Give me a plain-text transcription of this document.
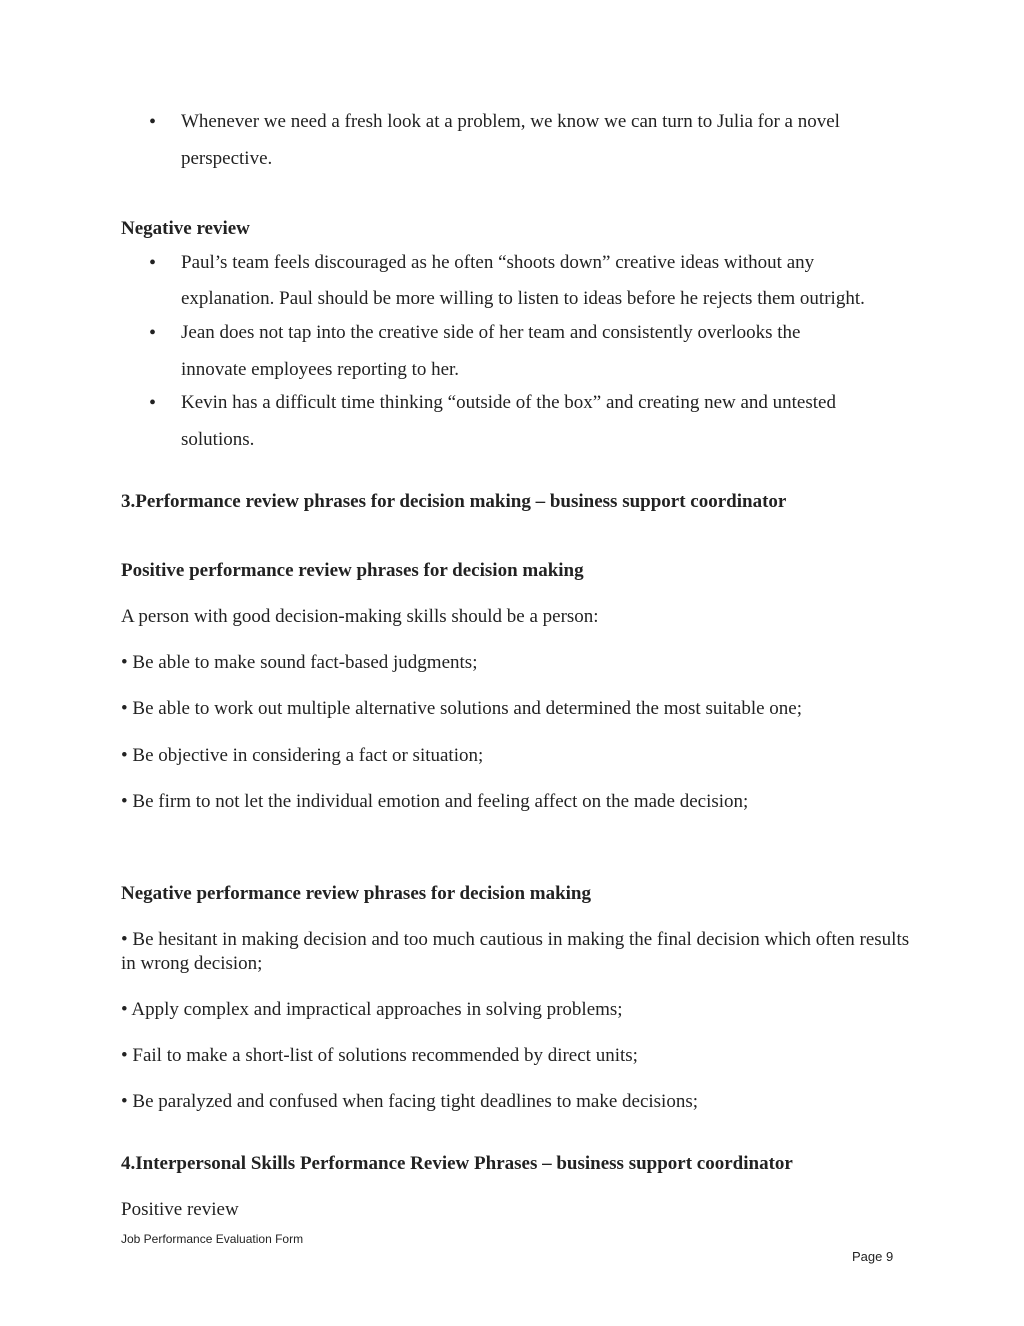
• Whenever we need a fresh look at a problem, we know we can turn to Julia for a novel
perspective.
Negative review
• Paul’s team feels discouraged as he often “shoots down” creative ideas without any
explanation. Paul should be more willing to listen to ideas before he rejects them outright.
• Jean does not tap into the creative side of her team and consistently overlooks the
innovate employees reporting to her.
• Kevin has a difficult time thinking “outside of the box” and creating new and untested
solutions.
3.Performance review phrases for decision making – business support coordinator
Positive performance review phrases for decision making
A person with good decision-making skills should be a person:
• Be able to make sound fact-based judgments;
• Be able to work out multiple alternative solutions and determined the most suitable one;
• Be objective in considering a fact or situation;
• Be firm to not let the individual emotion and feeling affect on the made decision;
Negative performance review phrases for decision making
• Be hesitant in making decision and too much cautious in making the final decision which often results in wrong decision;
• Apply complex and impractical approaches in solving problems;
• Fail to make a short-list of solutions recommended by direct units;
• Be paralyzed and confused when facing tight deadlines to make decisions;
4.Interpersonal Skills Performance Review Phrases – business support coordinator
Positive review
Job Performance Evaluation Form
Page 9
